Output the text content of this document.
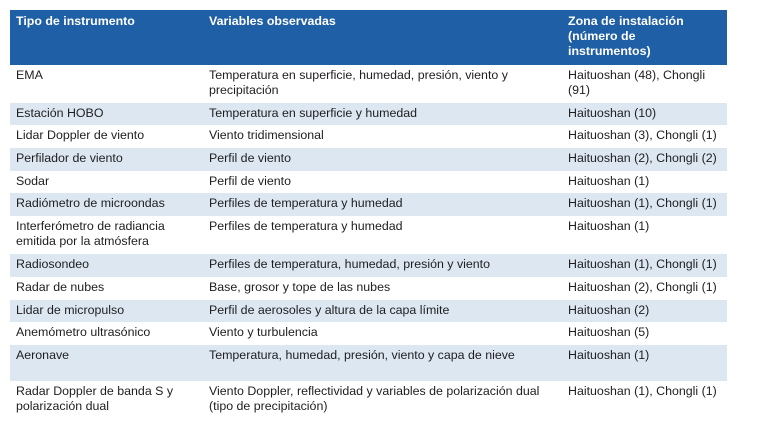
Tipo de instrumento	Variables observadas	Zona de instalación
(número de instrumentos)

EMA	Temperatura en superficie, humedad, presión, viento y precipitación	Haituoshan (48), Chongli (91)

Estación HOBO	Temperatura en superficie y humedad	Haituoshan (10)

Lidar Doppler de viento	Viento tridimensional	Haituoshan (3), Chongli (1)

Perfilador de viento	Perfil de viento	Haituoshan (2), Chongli (2)

Sodar	Perfil de viento	Haituoshan (1)

Radiómetro de microondas	Perfiles de temperatura y humedad	Haituoshan (1), Chongli (1)

Interferómetro de radiancia emitida por la atmósfera	Perfiles de temperatura y humedad	Haituoshan (1)

Radiosondeo	Perfiles de temperatura, humedad, presión y viento	Haituoshan (1), Chongli (1)

Radar de nubes	Base, grosor y tope de las nubes	Haituoshan (2), Chongli (1)

Lidar de micropulso	Perfil de aerosoles y altura de la capa límite	Haituoshan (2)

Anemómetro ultrasónico	Viento y turbulencia	Haituoshan (5)

Aeronave	Temperatura, humedad, presión, viento y capa de nieve	Haituoshan (1)

Radar Doppler de banda S y polarización dual	Viento Doppler, reflectividad y variables de polarización dual (tipo de precipitación)	Haituoshan (1), Chongli (1)
